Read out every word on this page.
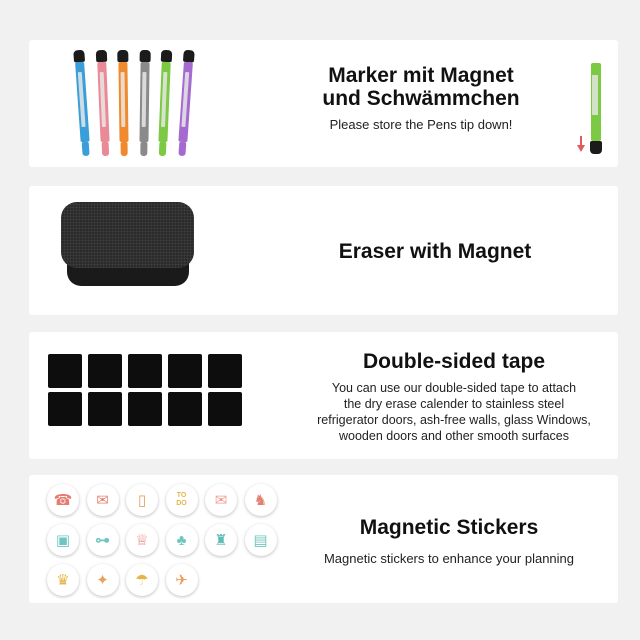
Marker mit Magnet
und Schwämmchen
Please store the Pens tip down!
Eraser with Magnet
Double-sided tape
You can use our double-sided tape to attach
the dry erase calender to stainless steel
refrigerator doors, ash-free walls, glass Windows,
wooden doors and other smooth surfaces
☎ ✉ ▯	TO DO ✉ ♞
▣ ⊶ ♕ ♣ ♜ ▤
♛ ✦ ☂ ✈
Magnetic Stickers
Magnetic stickers to enhance your planning
